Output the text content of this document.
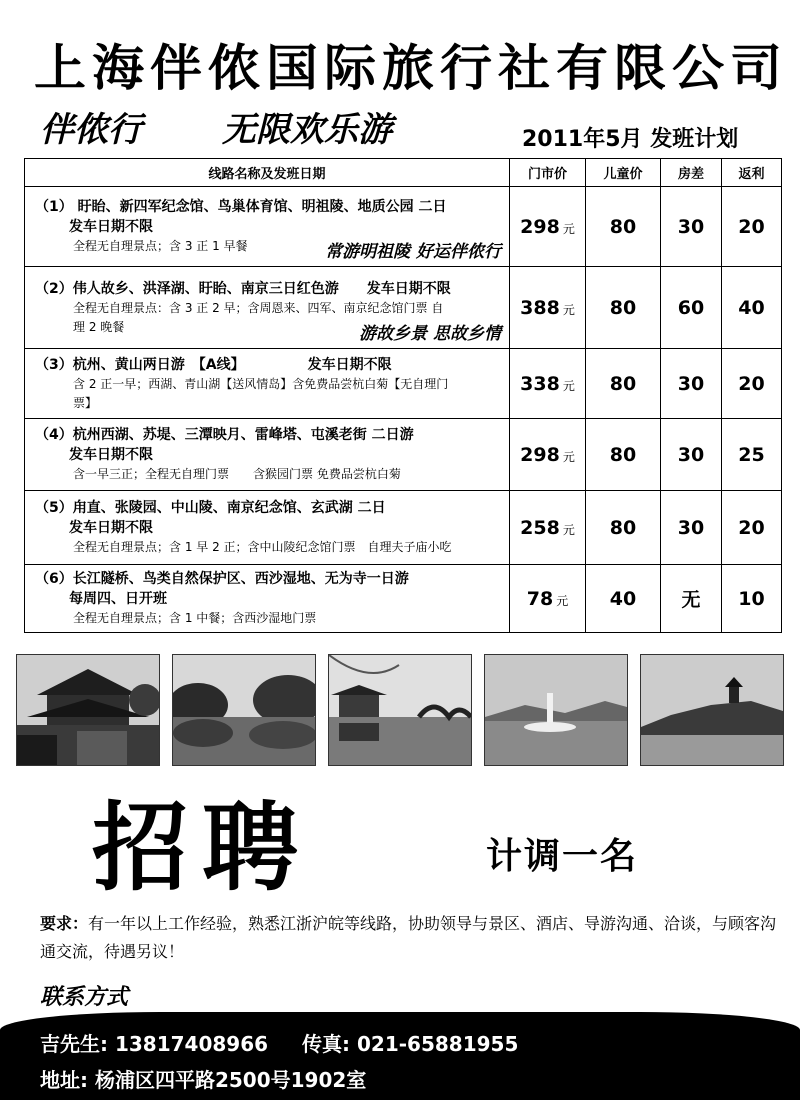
上海伴侬国际旅行社有限公司
伴侬行 无限欢乐游	2011年5月 发班计划
线路名称及发班日期	门市价	儿童价	房差	返利

（1） 盱眙、新四军纪念馆、鸟巢体育馆、明祖陵、地质公园 二日
发车日期不限
全程无自理景点；含 3 正 1 早餐 常游明祖陵 好运伴侬行	298 元	80	30	20

（2）伟人故乡、洪泽湖、盱眙、南京三日红色游　　发车日期不限
全程无自理景点：含 3 正 2 早；含周恩来、四军、南京纪念馆门票 自
理 2 晚餐 游故乡景 思故乡情	388 元	80	60	40

（3）杭州、黄山两日游　【A线】　　　　　发车日期不限
含 2 正一早；西湖、青山湖【送风情岛】含免费品尝杭白菊【无自理门
票】	338 元	80	30	20

（4）杭州西湖、苏堤、三潭映月、雷峰塔、屯溪老街 二日游
发车日期不限
含一早三正；全程无自理门票　　含猴园门票 免费品尝杭白菊	298 元	80	30	25

（5）甪直、张陵园、中山陵、南京纪念馆、玄武湖 二日
发车日期不限
全程无自理景点；含 1 早 2 正；含中山陵纪念馆门票　自理夫子庙小吃	258 元	80	30	20

（6）长江隧桥、鸟类自然保护区、西沙湿地、无为寺一日游
每周四、日开班
全程无自理景点；含 1 中餐；含西沙湿地门票	78 元	40	无	10
招聘	计调一名
要求：有一年以上工作经验，熟悉江浙沪皖等线路，协助领导与景区、酒店、导游沟通、洽谈，与顾客沟通交流，待遇另议！
联系方式
吉先生: 13817408966 传真: 021-65881955
地址: 杨浦区四平路2500号1902室
